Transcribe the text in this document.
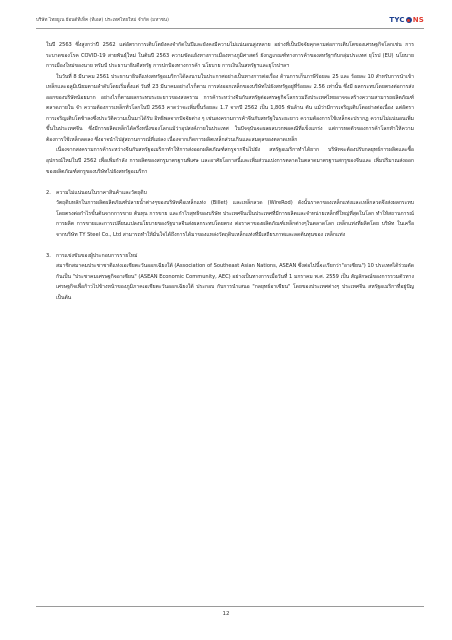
บริษัท ไทยยูเน ย้อนด์ทีเท็ค (ทีเอส) ประเทศไทยใหม่ จำกัด (มหาชน)	TYC NS

ในปี 2563 ซึ่งสูงกว่าปี 2562 แต่อัตราการเติบโตยังคงจำกัดในปีและยังคงมีความไม่แน่นอนสูงหลาย อย่างที่เป็นปัจจัยคุกคามต่อการเติบโตของเศรษฐกิจโลกเช่น การระบาดของโรค COVID-19 สายพันธุ์ใหม่ ในต้นปี 2563 ความขัดแย้งทางการเมืองทางภูมิศาสตร์ ยังกฎเกณฑ์ทางการค้าของสหรัฐฯกับกลุ่มประเทศ ยุโรป (EU) นโยบายการเมืองใหม่ของนาย ทรัมป์ ประธานาธิบดีสหรัฐ การปกป้องทางการค้า นโยบาย การเงินในสหรัฐฯและยุโรปฯลฯ

ในวันที่ 8 มีนาคม 2561 ประธานาธิบดีแห่งสหรัฐอเมริกาได้ลงนามในประกาศอย่างเป็นทางการต่อเรื่อง ด้านการเก็บภาษีร้อยละ 25 และ ร้อยละ 10 สำหรับการนำเข้าเหล็กและอลูมิเนียมตามลำดับโดยเริ่มตั้งแต่ วันที่ 23 มีนาคมอย่างไรก็ตาม การส่งออกเหล็กของบริษัทไปยังสหรัฐอยู่ที่ร้อยละ 2.56 เท่านั้น ซึ่งมี ผลกระทบโดยตรงต่อการส่งออกของบริษัทน้อยมาก อย่างไรก็ตามผลกระทบระยะยาวของสงคราม การค้าระหว่างจีนกับสหรัฐต่อเศรษฐกิจโลกรวมถึงประเทศไทยอาจจะสร้างความสามารถผลิตภัณฑ์ตลาดภายใน จำ ความต้องการเหล็กทั่วโลกในปี 2563 คาดว่าจะเพิ่มขึ้นร้อยละ 1.7 จากปี 2562 เป็น 1,805 พันล้าน ตัน แม้ว่ามีการเจริญเติบโตอย่างต่อเนื่อง แต่อัตราการเจริญเติบโตช้าลงซึ่งประวัติความเป็นมาได้รับ อิทธิพลจากปัจจัยต่าง ๆ เช่นสงครามการค้าจีนกับสหรัฐในระยะยาว ความต้องการใช้เหล็กจะปรากฏ ความไม่แน่นอนเพิ่มขึ้นในประเทศจีน ซึ่งมีการผลิตเหล็กได้ครึ่งหนึ่งของโลกแม้ว่าอุปสงค์ภายในประเทศ ในปัจจุบันจะผลผลบวกพอคณีที่แข็งแกร่ง แต่การหดตัวของการค้าโลกทำให้ความต้องการใช้เหล็กลดลง ซึ่งอาจนำไปสู่สถานการณ์ที่แย่ลง เนื่องจากเกิดการผลิตเหล็กส่วนเกินและสมดุลของตลาดเหล็ก

เนื่องจากสงครามการค้าระหว่างจีนกับสหรัฐอเมริกาทำให้การส่งออกผลิตภัณฑ์สกรูจากจีนไปยัง สหรัฐอเมริกาทำได้ยาก บริษัทจะต้องปรับกลยุทธ์การผลิตและซื้ออุปกรณ์ใหม่ในปี 2562 เพื่อเพิ่มกำลัง การผลิตของสกรูมาตรฐานพิเศษ และอาศัยโอกาสนี้และเพิ่มส่วนแบ่งการตลาดในตลาดมาตรฐานสกรูของจีนและ เพิ่มปริมาณส่งออกของผลิตภัณฑ์สกรูของบริษัทไปยังสหรัฐอเมริกา

2.	ความไม่แน่นอนในราคาสินค้าและวัตถุดิบ

วัตถุดิบหลักในการผลิตผลิตภัณฑ์ปลายน้ำต่างๆของบริษัทคือเหล็กแท่ง (Billet) และเหล็กลวด (WireRod) ดังนั้นราคาของเหล็กแท่งและเหล็กลวดจึงส่งผลกระทบโดยตรงต่อกำไรขั้นต้นจากการขาย ต้นทุน การขาย และกำไรสุทธิของบริษัท ประเทศจีนเป็นประเทศที่มีการผลิตและจำหน่ายเหล็กที่ใหญ่ที่สุดในโลก ทำให้สถานการณ์การผลิต การขายและการเปลี่ยนแปลงนโยบายของรัฐบาลจีนส่งผลกระทบโดยตรง ต่อราคาของผลิตภัณฑ์เหล็กต่างๆในตลาดโลก เหล็กแท่งที่ผลิตโดย บริษัท ในเครือจากบริษัท TY Steel Co., Ltd สามารถทำให้มั่นใจได้ถึงการได้มาของแหล่งวัตถุดิบเหล็กแท่งที่มีเสถียรภาพและลดต้นทุนของ เหล็กแท่ง

3.	การแข่งขันของผู้ประกอบการรายใหม่

สมาชิกสมาคมประชาชาติแห่งเอเชียตะวันออกเฉียงใต้ (Association of Southeast Asian Nations, ASEAN ซึ่งต่อไปนี้จะเรียกว่า"อาเซียน") 10 ประเทศได้ร่วมตัดกันเป็น "ประชาคมเศรษฐกิจอาเซียน" (ASEAN Economic Community, AEC) อย่างเป็นทางการเมื่อวันที่ 1 มกราคม พ.ศ. 2559 เป็น สัญลักษณ์ของการรวมตัวทางเศรษฐกิจเพื่อก้าวไปข้างหน้าของภูมิภาคเอเชียตะวันออกเฉียงใต้ ประกอบ กับการนำเสนอ "กลยุทธ์อาเซียน" โดยของประเทศต่างๆ ประเทศจีน สหรัฐอเมริกาที่อยู่ปัญ เป็นต้น

12
